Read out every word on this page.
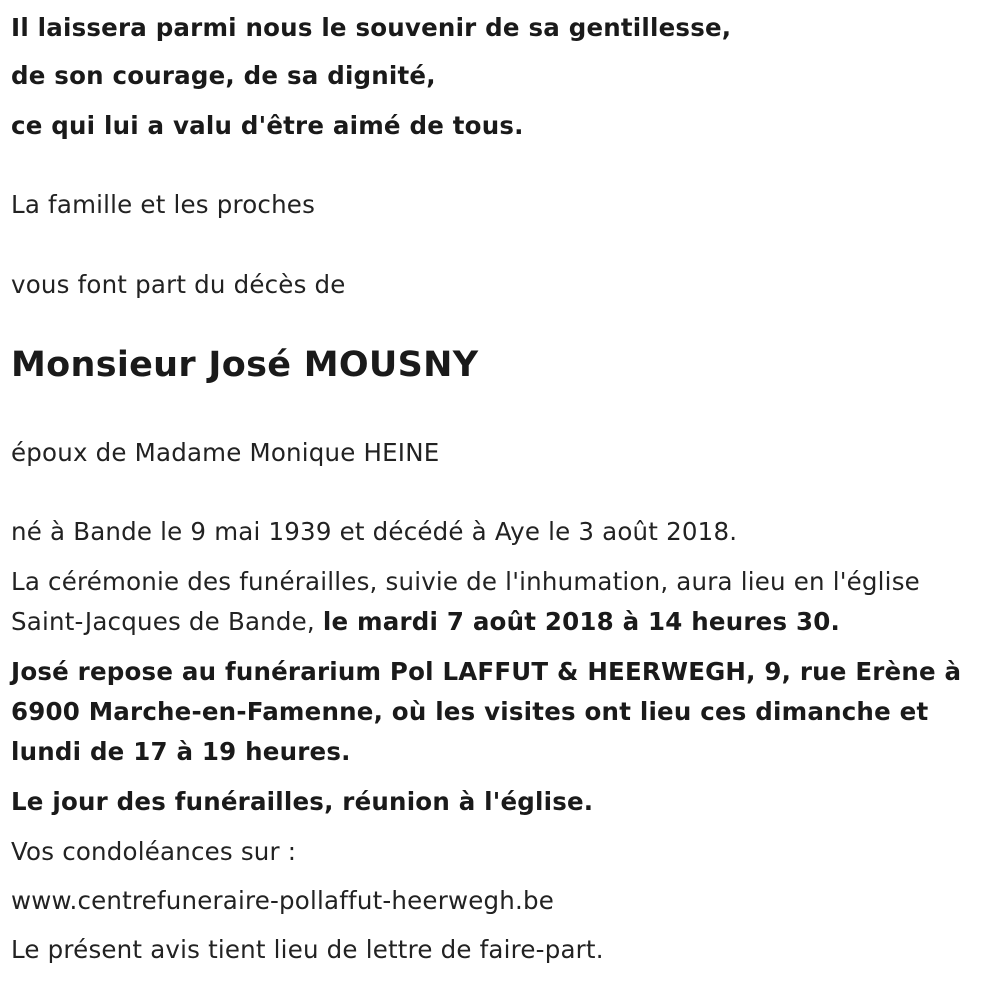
Il laissera parmi nous le souvenir de sa gentillesse,

de son courage, de sa dignité,

ce qui lui a valu d'être aimé de tous.

La famille et les proches

vous font part du décès de

Monsieur José MOUSNY

époux de Madame Monique HEINE

né à Bande le 9 mai 1939 et décédé à Aye le 3 août 2018.

La cérémonie des funérailles, suivie de l'inhumation, aura lieu en l'église

Saint-Jacques de Bande, le mardi 7 août 2018 à 14 heures 30.

José repose au funérarium Pol LAFFUT & HEERWEGH, 9, rue Erène à

6900 Marche-en-Famenne, où les visites ont lieu ces dimanche et

lundi de 17 à 19 heures.

Le jour des funérailles, réunion à l'église.

Vos condoléances sur :

www.centrefuneraire-pollaffut-heerwegh.be

Le présent avis tient lieu de lettre de faire-part.
